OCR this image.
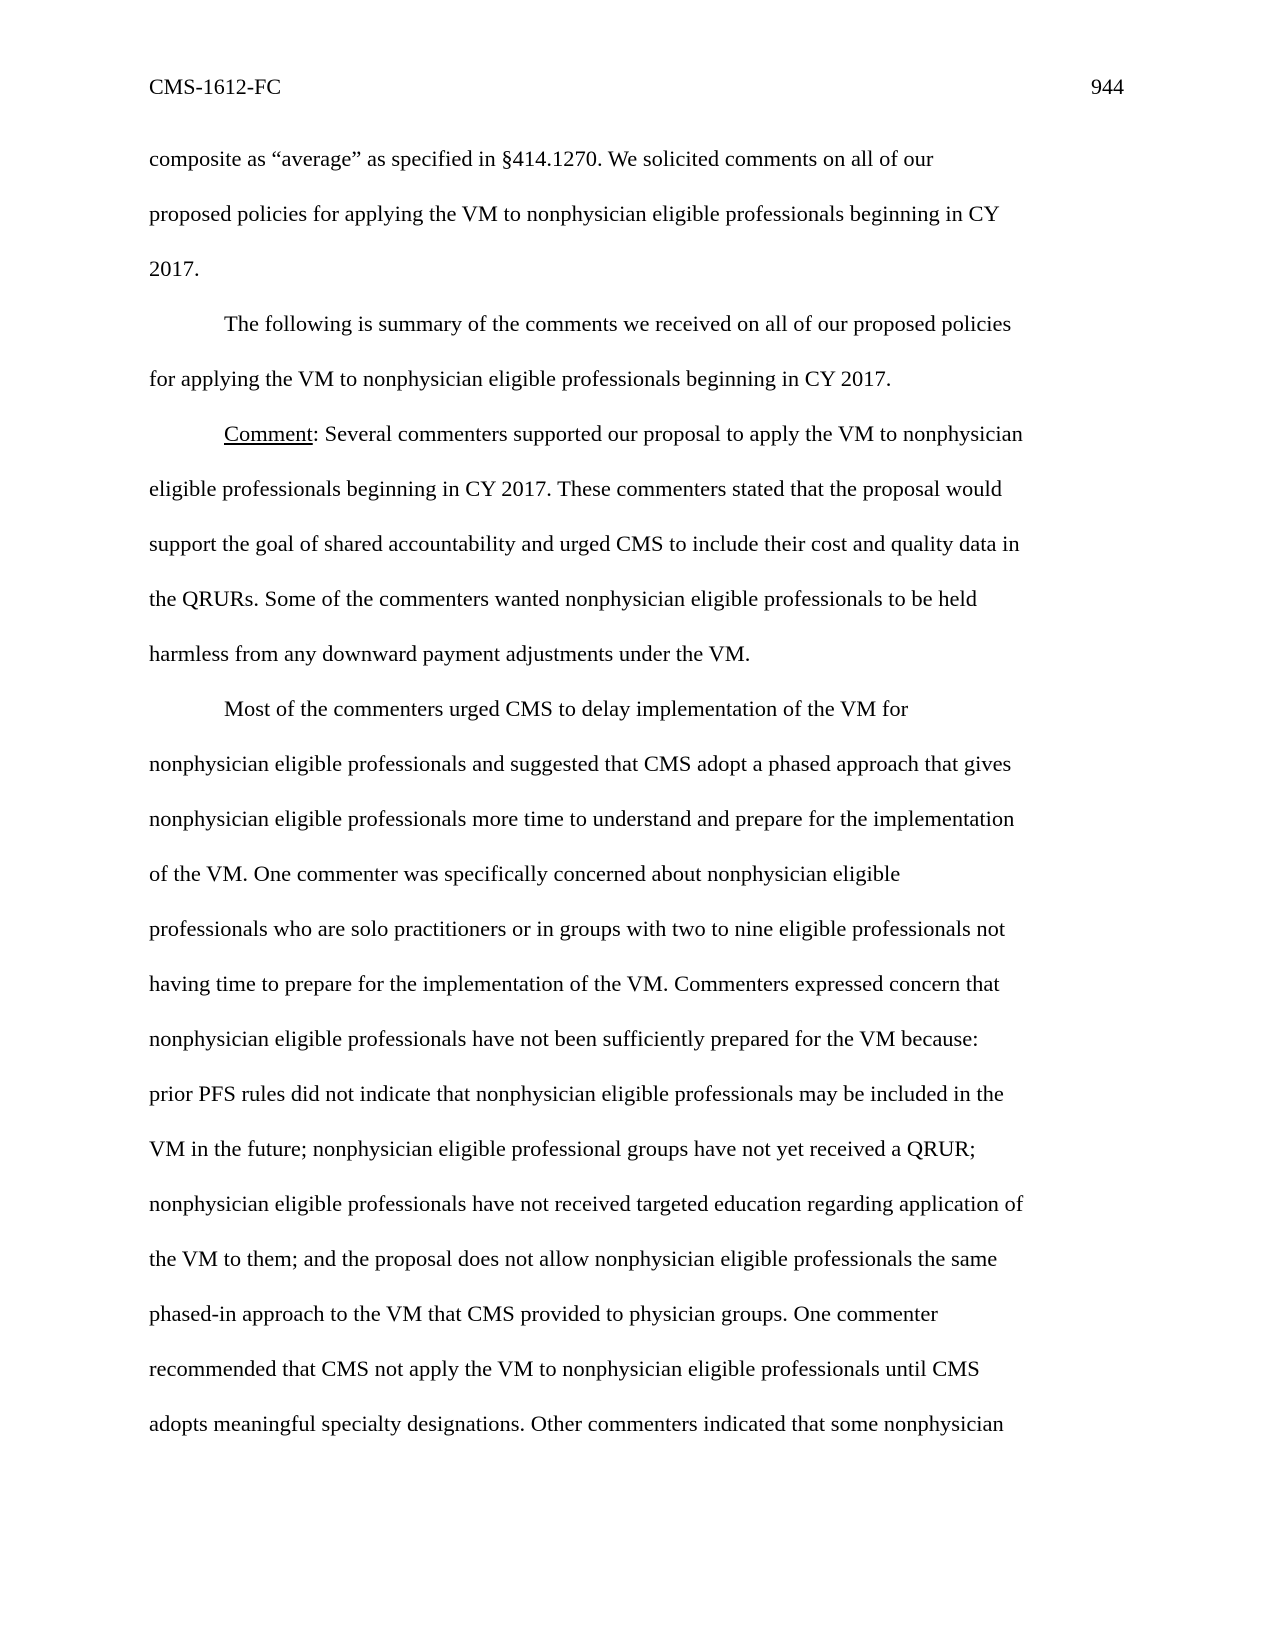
CMS-1612-FC	944
composite as “average” as specified in §414.1270. We solicited comments on all of our
proposed policies for applying the VM to nonphysician eligible professionals beginning in CY
2017.
The following is summary of the comments we received on all of our proposed policies
for applying the VM to nonphysician eligible professionals beginning in CY 2017.
Comment: Several commenters supported our proposal to apply the VM to nonphysician
eligible professionals beginning in CY 2017. These commenters stated that the proposal would
support the goal of shared accountability and urged CMS to include their cost and quality data in
the QRURs. Some of the commenters wanted nonphysician eligible professionals to be held
harmless from any downward payment adjustments under the VM.
Most of the commenters urged CMS to delay implementation of the VM for
nonphysician eligible professionals and suggested that CMS adopt a phased approach that gives
nonphysician eligible professionals more time to understand and prepare for the implementation
of the VM. One commenter was specifically concerned about nonphysician eligible
professionals who are solo practitioners or in groups with two to nine eligible professionals not
having time to prepare for the implementation of the VM. Commenters expressed concern that
nonphysician eligible professionals have not been sufficiently prepared for the VM because:
prior PFS rules did not indicate that nonphysician eligible professionals may be included in the
VM in the future; nonphysician eligible professional groups have not yet received a QRUR;
nonphysician eligible professionals have not received targeted education regarding application of
the VM to them; and the proposal does not allow nonphysician eligible professionals the same
phased-in approach to the VM that CMS provided to physician groups. One commenter
recommended that CMS not apply the VM to nonphysician eligible professionals until CMS
adopts meaningful specialty designations. Other commenters indicated that some nonphysician
